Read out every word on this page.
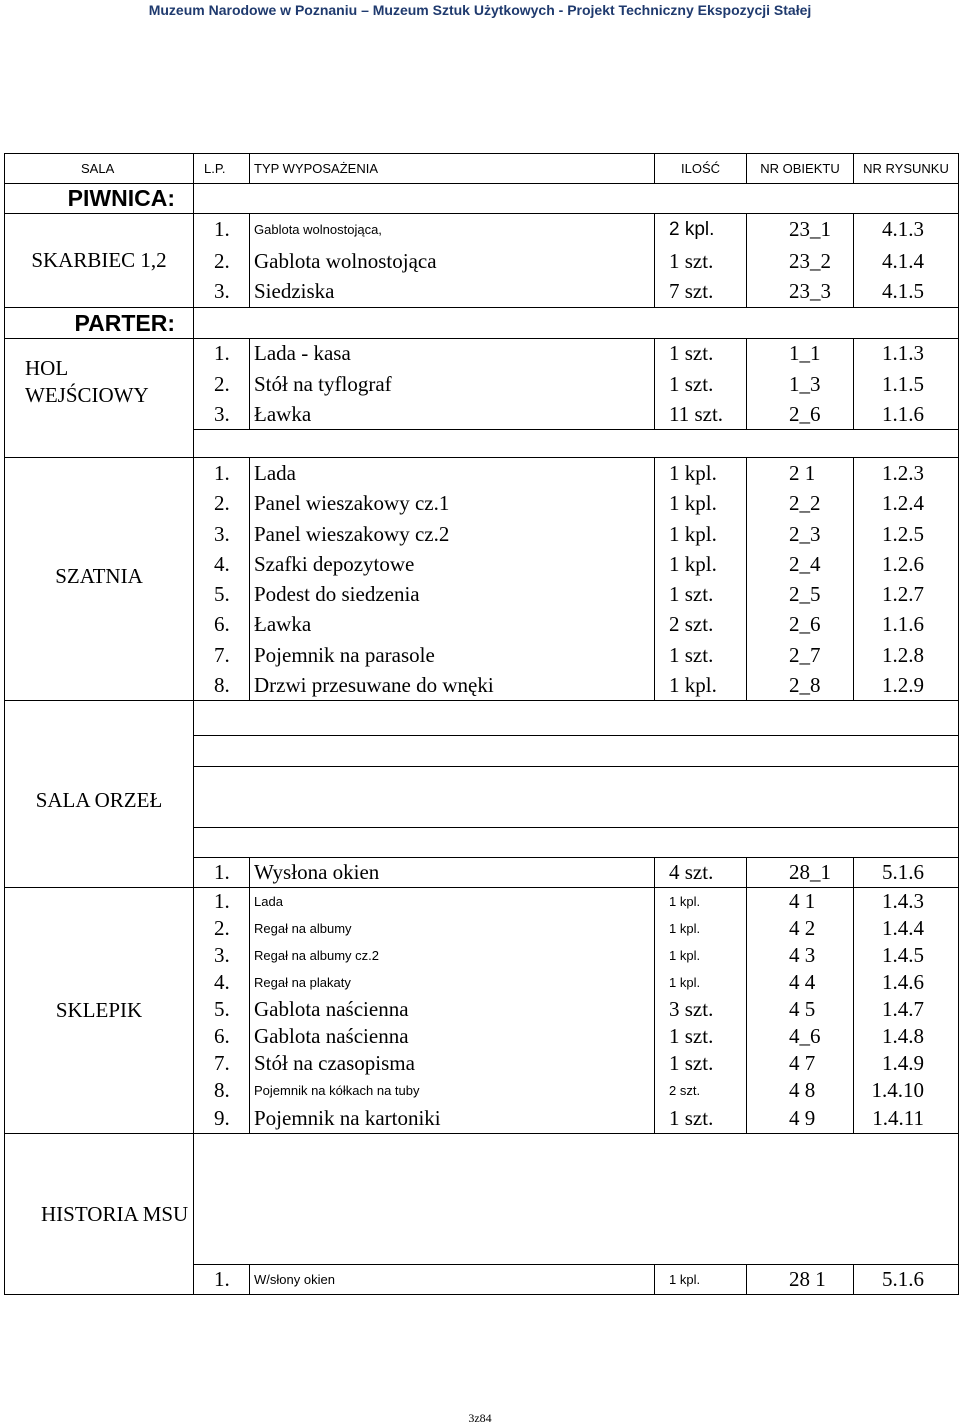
Muzeum Narodowe w Poznaniu – Muzeum Sztuk Użytkowych - Projekt Techniczny Ekspozycji Stałej
SALA	L.P.	TYP WYPOSAŻENIA	ILOŚĆ	NR OBIEKTU	NR RYSUNKU
PIWNICA:					
SKARBIEC 1,2	1.	Gablota wolnostojąca,	2 kpl.	23_1	4.1.3
	2.	Gablota wolnostojąca	1 szt.	23_2	4.1.4
	3.	Siedziska	7 szt.	23_3	4.1.5
PARTER:					
HOL WEJŚCIOWY	1.	Lada - kasa	1 szt.	1_1	1.1.3
	2.	Stół na tyflograf	1 szt.	1_3	1.1.5
	3.	Ławka	11 szt.	2_6	1.1.6

SZATNIA	1.	Lada	1 kpl.	2 1	1.2.3
	2.	Panel wieszakowy cz.1	1 kpl.	2_2	1.2.4
	3.	Panel wieszakowy cz.2	1 kpl.	2_3	1.2.5
	4.	Szafki depozytowe	1 kpl.	2_4	1.2.6
	5.	Podest do siedzenia	1 szt.	2_5	1.2.7
	6.	Ławka	2 szt.	2_6	1.1.6
	7.	Pojemnik na parasole	1 szt.	2_7	1.2.8
	8.	Drzwi przesuwane do wnęki	1 kpl.	2_8	1.2.9
SALA ORZEŁ					

	1.	Wysłona okien	4 szt.	28_1	5.1.6
SKLEPIK	1.	Lada	1 kpl.	4 1	1.4.3
	2.	Regał na albumy	1 kpl.	4 2	1.4.4
	3.	Regał na albumy cz.2	1 kpl.	4 3	1.4.5
	4.	Regał na plakaty	1 kpl.	4 4	1.4.6
	5.	Gablota naścienna	3 szt.	4 5	1.4.7
	6.	Gablota naścienna	1 szt.	4_6	1.4.8
	7.	Stół na czasopisma	1 szt.	4 7	1.4.9
	8.	Pojemnik na kółkach na tuby	2 szt.	4 8	1.4.10
	9.	Pojemnik na kartoniki	1 szt.	4 9	1.4.11
HISTORIA MSU					
	1.	W/słony okien	1 kpl.	28 1	5.1.6
3z84
